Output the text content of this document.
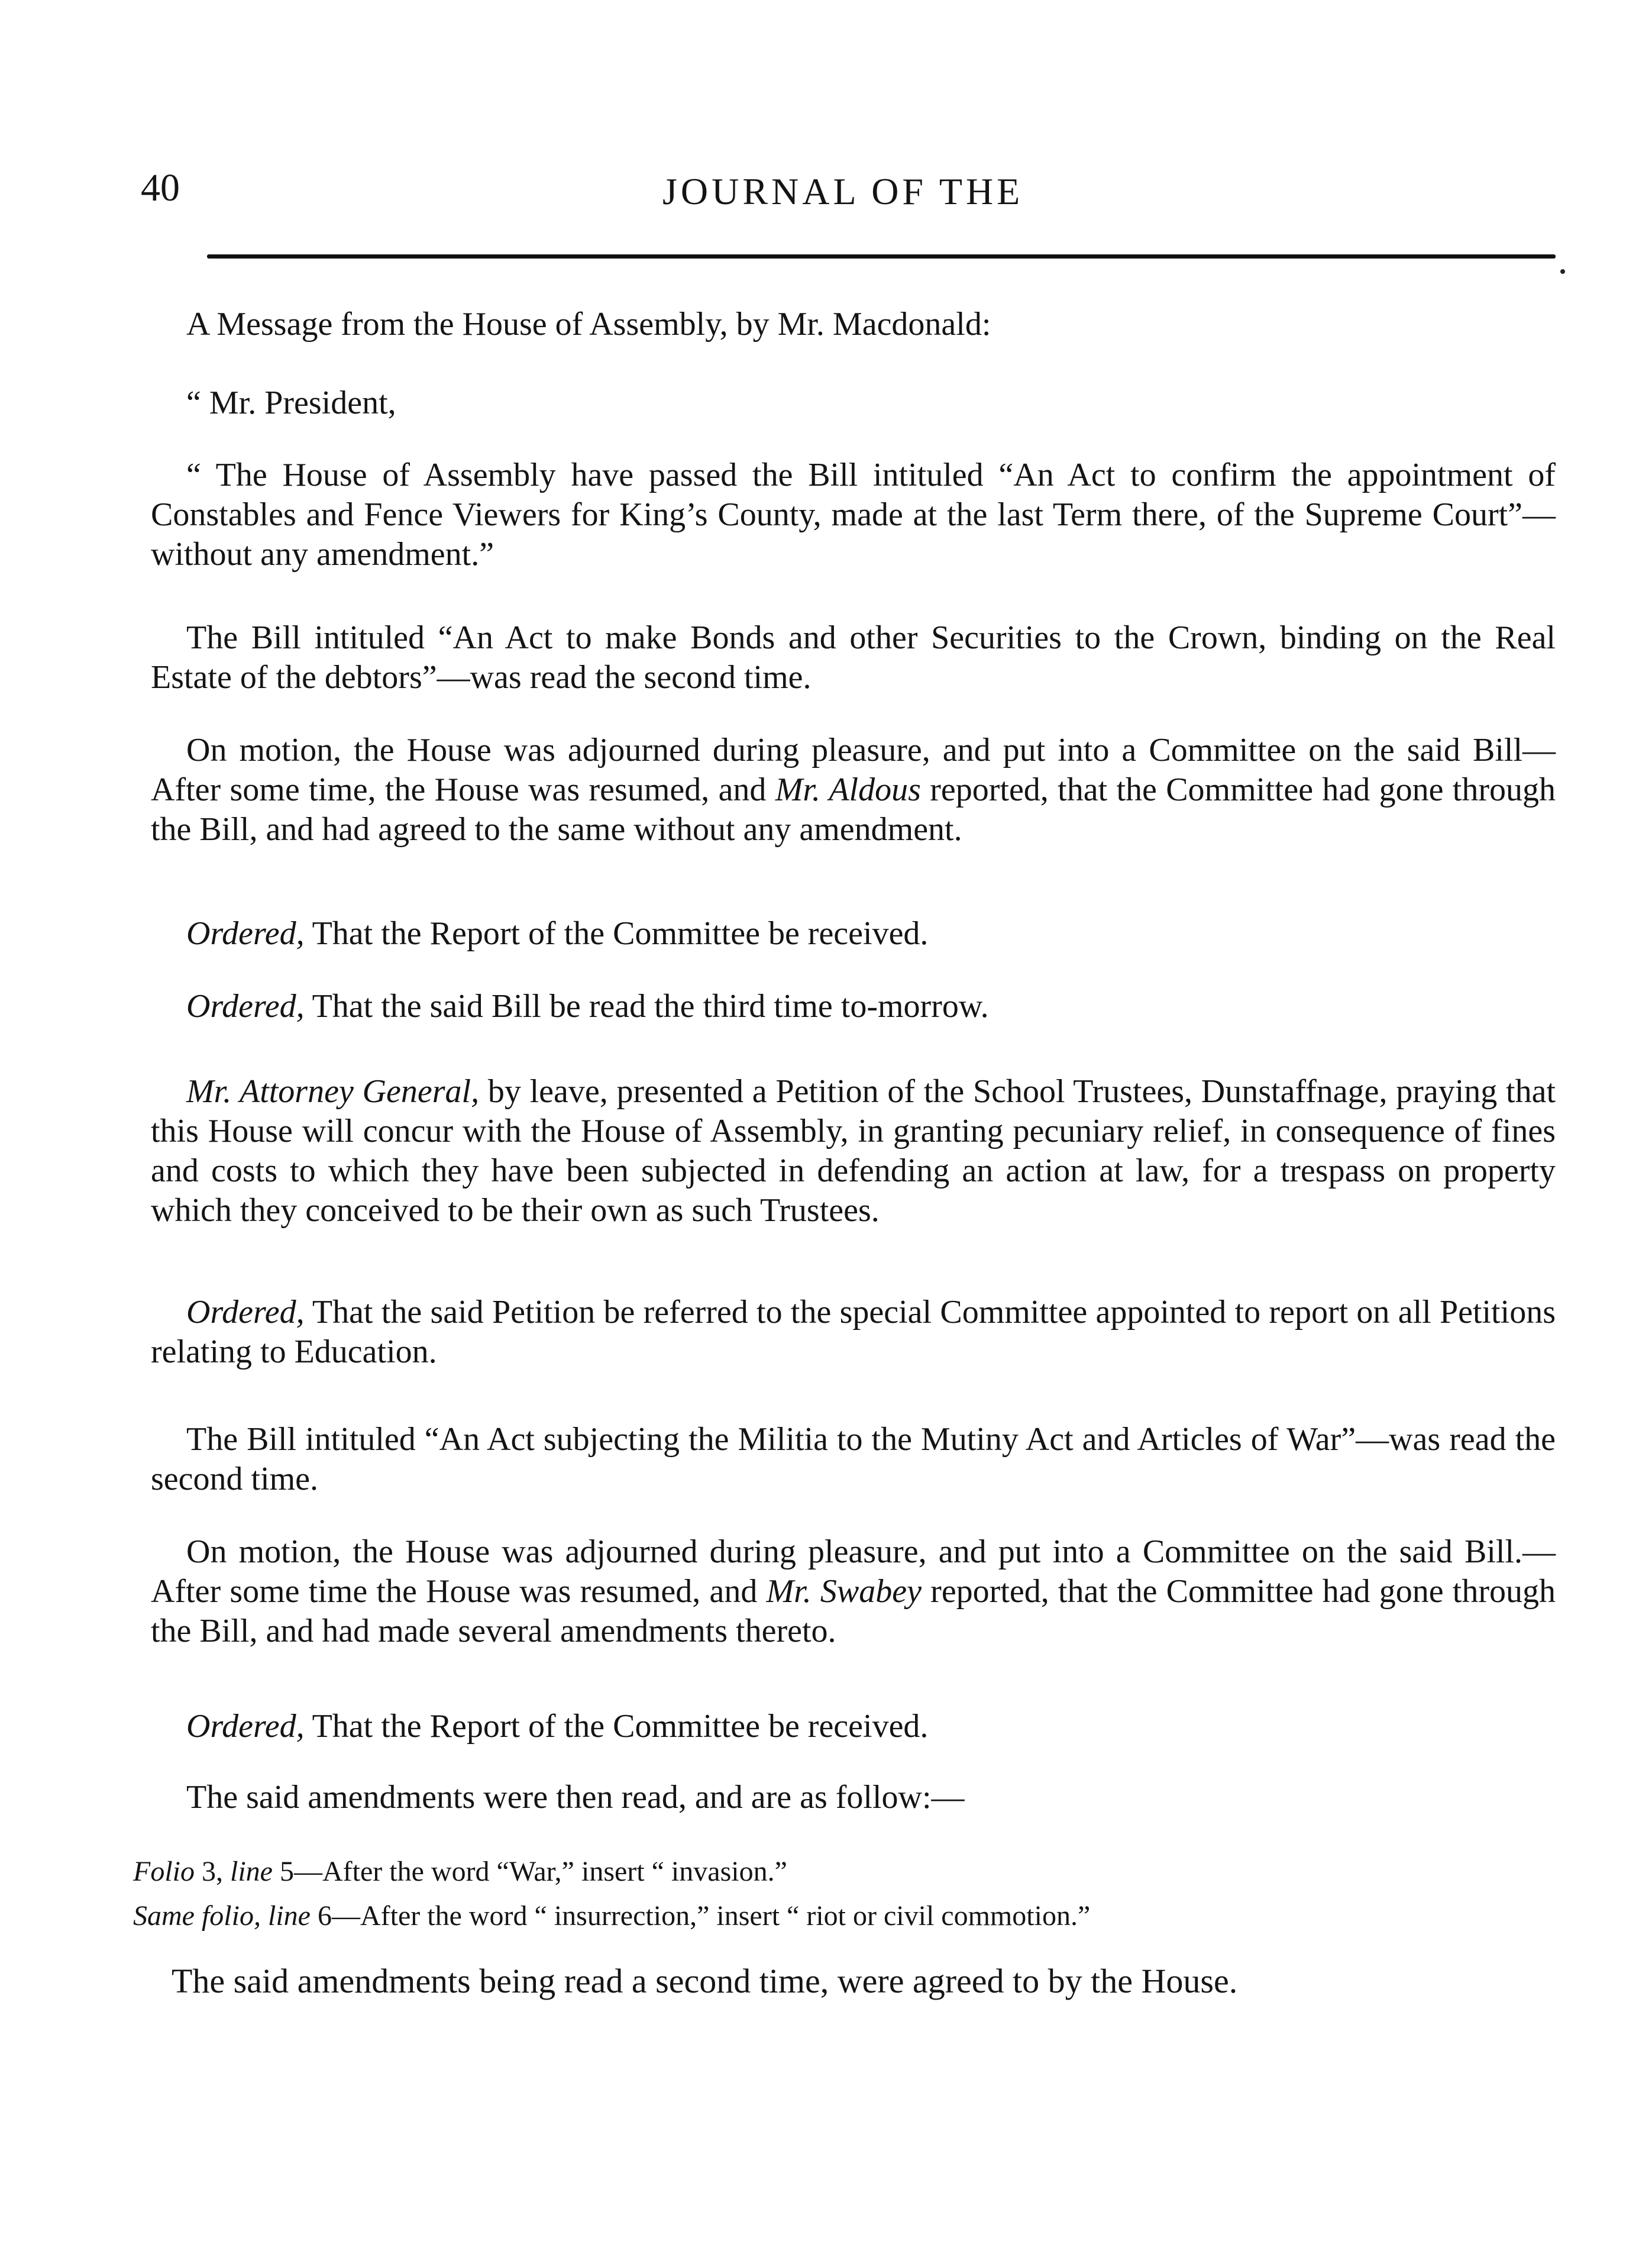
40	JOURNAL OF THE

A Message from the House of Assembly, by Mr. Macdonald:

“ Mr. President,

“ The House of Assembly have passed the Bill intituled “An Act to confirm the appointment of Constables and Fence Viewers for King’s County, made at the last Term there, of the Supreme Court”—without any amendment.”

The Bill intituled “An Act to make Bonds and other Securities to the Crown, binding on the Real Estate of the debtors”—was read the second time.

On motion, the House was adjourned during pleasure, and put into a Committee on the said Bill—After some time, the House was resumed, and Mr. Aldous reported, that the Committee had gone through the Bill, and had agreed to the same without any amendment.

Ordered, That the Report of the Committee be received.

Ordered, That the said Bill be read the third time to-morrow.

Mr. Attorney General, by leave, presented a Petition of the School Trustees, Dunstaffnage, praying that this House will concur with the House of Assembly, in granting pecuniary relief, in consequence of fines and costs to which they have been subjected in defending an action at law, for a trespass on property which they conceived to be their own as such Trustees.

Ordered, That the said Petition be referred to the special Committee appointed to report on all Petitions relating to Education.

The Bill intituled “An Act subjecting the Militia to the Mutiny Act and Articles of War”—was read the second time.

On motion, the House was adjourned during pleasure, and put into a Committee on the said Bill.—After some time the House was resumed, and Mr. Swabey reported, that the Committee had gone through the Bill, and had made several amendments thereto.

Ordered, That the Report of the Committee be received.

The said amendments were then read, and are as follow:—

Folio 3, line 5—After the word “War,” insert “ invasion.”

Same folio, line 6—After the word “ insurrection,” insert “ riot or civil commotion.”

The said amendments being read a second time, were agreed to by the House.
